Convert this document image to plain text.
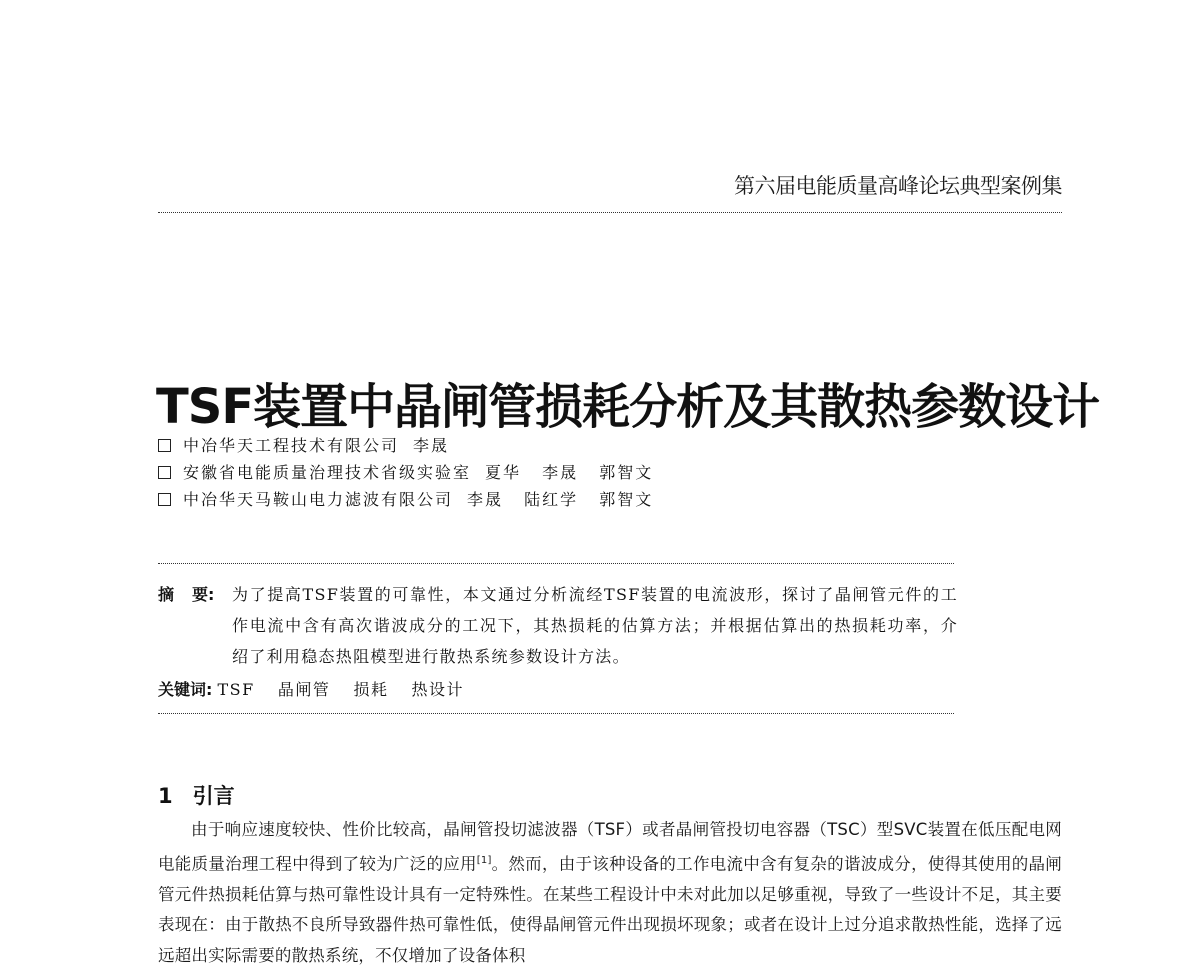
第六届电能质量高峰论坛典型案例集
TSF装置中晶闸管损耗分析及其散热参数设计
中冶华天工程技术有限公司 李晟
安徽省电能质量治理技术省级实验室 夏华 李晟 郭智文
中冶华天马鞍山电力滤波有限公司 李晟 陆红学 郭智文
摘 要:	为了提高TSF装置的可靠性，本文通过分析流经TSF装置的电流波形，探讨了晶闸管元件的工作电流中含有高次谐波成分的工况下，其热损耗的估算方法；并根据估算出的热损耗功率，介绍了利用稳态热阻模型进行散热系统参数设计方法。
关键词: TSF 晶闸管 损耗 热设计
1 引言
由于响应速度较快、性价比较高，晶闸管投切滤波器（TSF）或者晶闸管投切电容器（TSC）型SVC装置在低压配电网电能质量治理工程中得到了较为广泛的应用[1]。然而，由于该种设备的工作电流中含有复杂的谐波成分，使得其使用的晶闸管元件热损耗估算与热可靠性设计具有一定特殊性。在某些工程设计中未对此加以足够重视，导致了一些设计不足，其主要表现在：由于散热不良所导致器件热可靠性低，使得晶闸管元件出现损坏现象；或者在设计上过分追求散热性能，选择了远远超出实际需要的散热系统，不仅增加了设备体积
